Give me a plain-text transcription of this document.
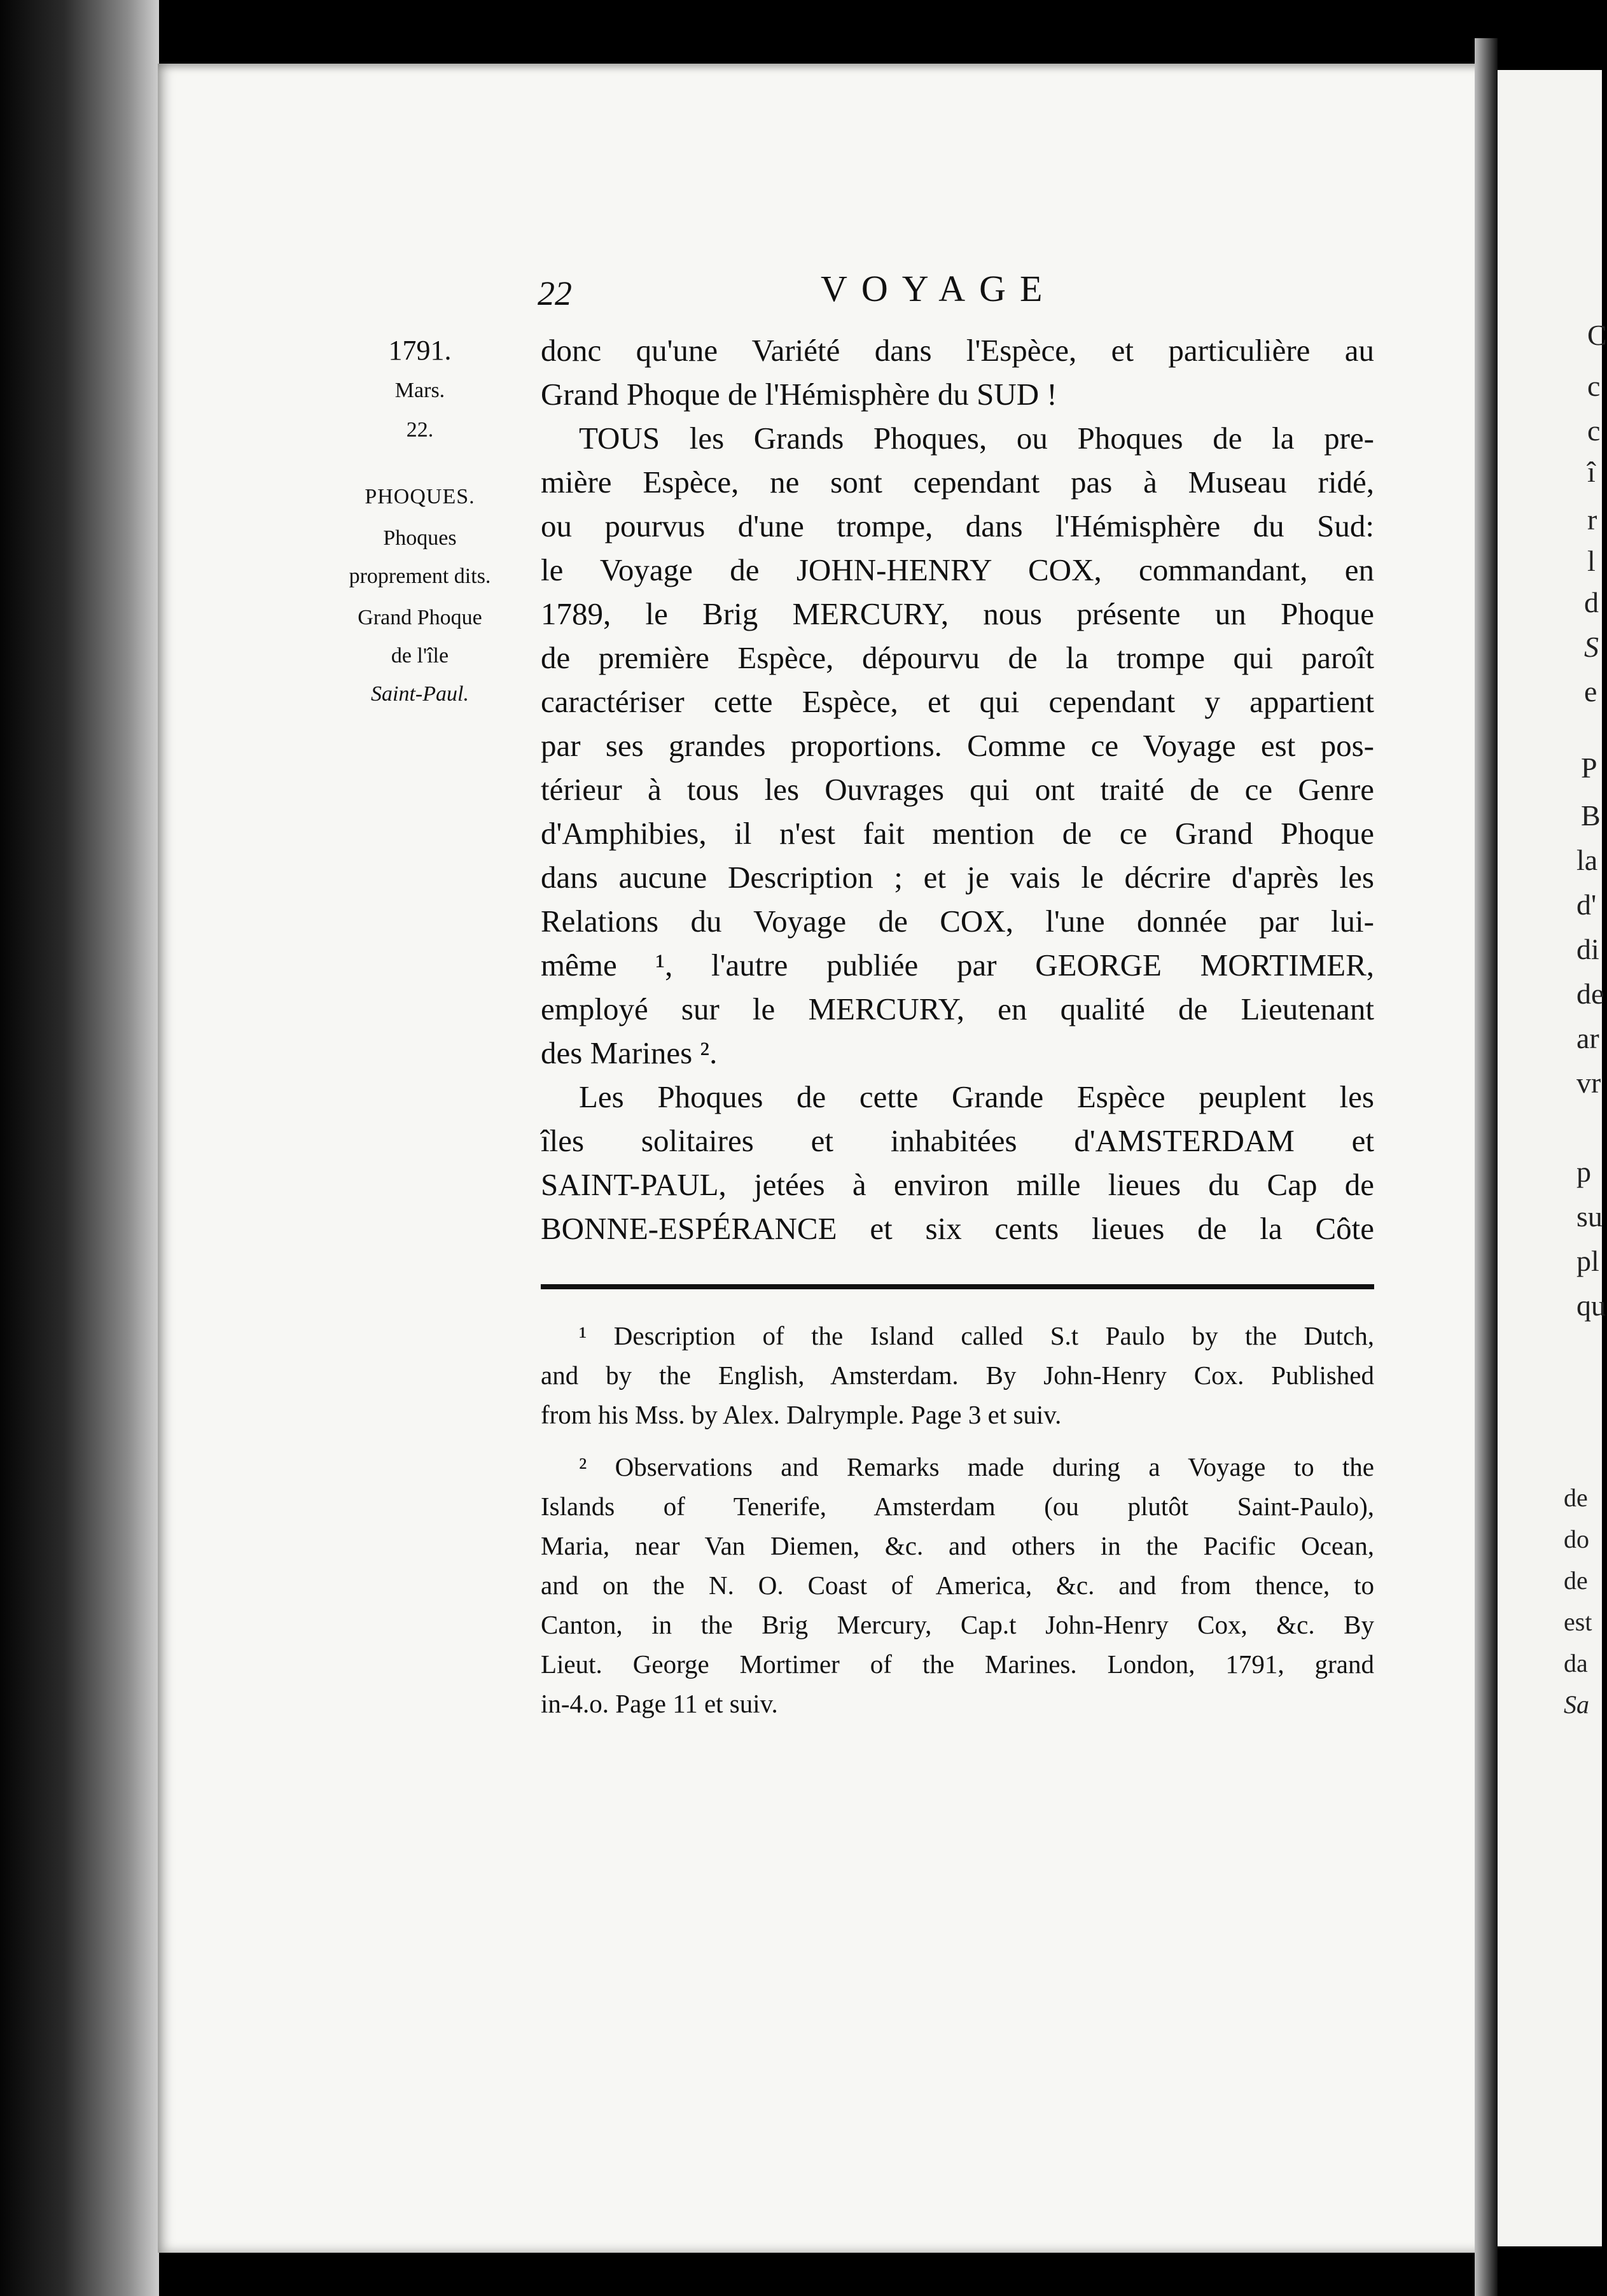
22	VOYAGE
1791.
Mars.
22.
PHOQUES.
Phoques
proprement dits.
Grand Phoque
de l'île
Saint-Paul.
donc qu'une Variété dans l'Espèce, et particulière au
Grand Phoque de l'Hémisphère du SUD !
TOUS les Grands Phoques, ou Phoques de la pre-
mière Espèce, ne sont cependant pas à Museau ridé,
ou pourvus d'une trompe, dans l'Hémisphère du Sud:
le Voyage de JOHN-HENRY COX, commandant, en
1789, le Brig MERCURY, nous présente un Phoque
de première Espèce, dépourvu de la trompe qui paroît
caractériser cette Espèce, et qui cependant y appartient
par ses grandes proportions. Comme ce Voyage est pos-
térieur à tous les Ouvrages qui ont traité de ce Genre
d'Amphibies, il n'est fait mention de ce Grand Phoque
dans aucune Description ; et je vais le décrire d'après les
Relations du Voyage de COX, l'une donnée par lui-
même ¹, l'autre publiée par GEORGE MORTIMER,
employé sur le MERCURY, en qualité de Lieutenant
des Marines ².
Les Phoques de cette Grande Espèce peuplent les
îles solitaires et inhabitées d'AMSTERDAM et
SAINT-PAUL, jetées à environ mille lieues du Cap de
BONNE-ESPÉRANCE et six cents lieues de la Côte
¹ Description of the Island called S.t Paulo by the Dutch,
and by the English, Amsterdam. By John-Henry Cox. Published
from his Mss. by Alex. Dalrymple. Page 3 et suiv.
² Observations and Remarks made during a Voyage to the
Islands of Tenerife, Amsterdam (ou plutôt Saint-Paulo),
Maria, near Van Diemen, &c. and others in the Pacific Ocean,
and on the N. O. Coast of America, &c. and from thence, to
Canton, in the Brig Mercury, Cap.t John-Henry Cox, &c. By
Lieut. George Mortimer of the Marines. London, 1791, grand
in-4.o. Page 11 et suiv.
C
c
c
î
r
l
d
S
e
P
B
la
d'
di
de
ar
vr
p
su
pl
qu
de
do
de
est
da
Sa
